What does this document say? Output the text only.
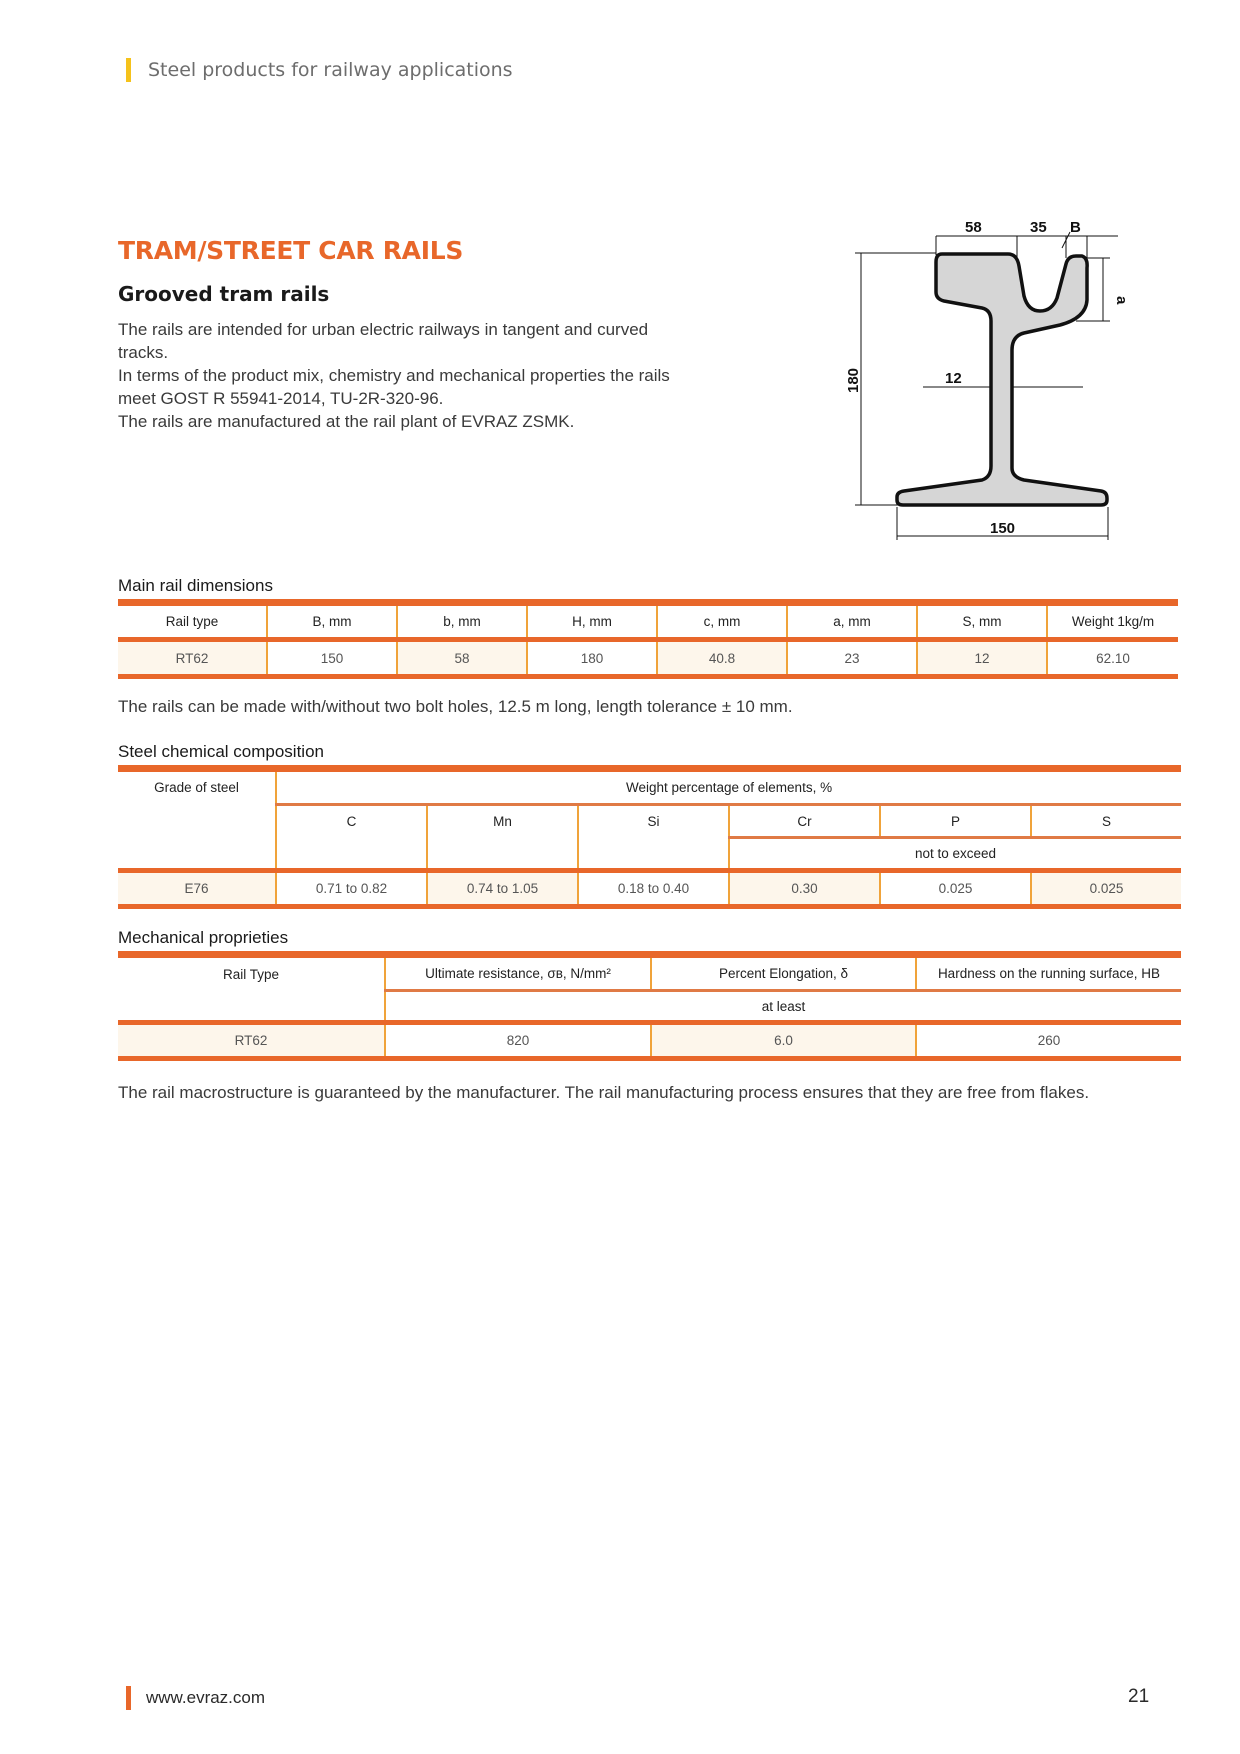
Steel products for railway applications
TRAM/STREET CAR RAILS
Grooved tram rails

The rails are intended for urban electric railways in tangent and curved tracks.

In terms of the product mix, chemistry and mechanical properties the rails meet GOST R 55941-2014, TU-2R-320-96.

The rails are manufactured at the rail plant of EVRAZ ZSMK.

58	35 B
12
150
180
a
Main rail dimensions
Rail type	B, mm	b, mm	H, mm	c, mm	a, mm	S, mm	Weight 1kg/m
RT62	150	58	180	40.8	23	12	62.10
The rails can be made with/without two bolt holes, 12.5 m long, length tolerance ± 10 mm.
Steel chemical composition
Grade of steel	Weight percentage of elements, %					
	C	Mn	Si	Cr	P	S
				not to exceed		
E76	0.71 to 0.82	0.74 to 1.05	0.18 to 0.40	0.30	0.025	0.025
Mechanical proprieties
Rail Type	Ultimate resistance, σв, N/mm²	Percent Elongation, δ	Hardness on the running surface, HB
	at least		
RT62	820	6.0	260
The rail macrostructure is guaranteed by the manufacturer. The rail manufacturing process ensures that they are free from flakes.
www.evraz.com	21
